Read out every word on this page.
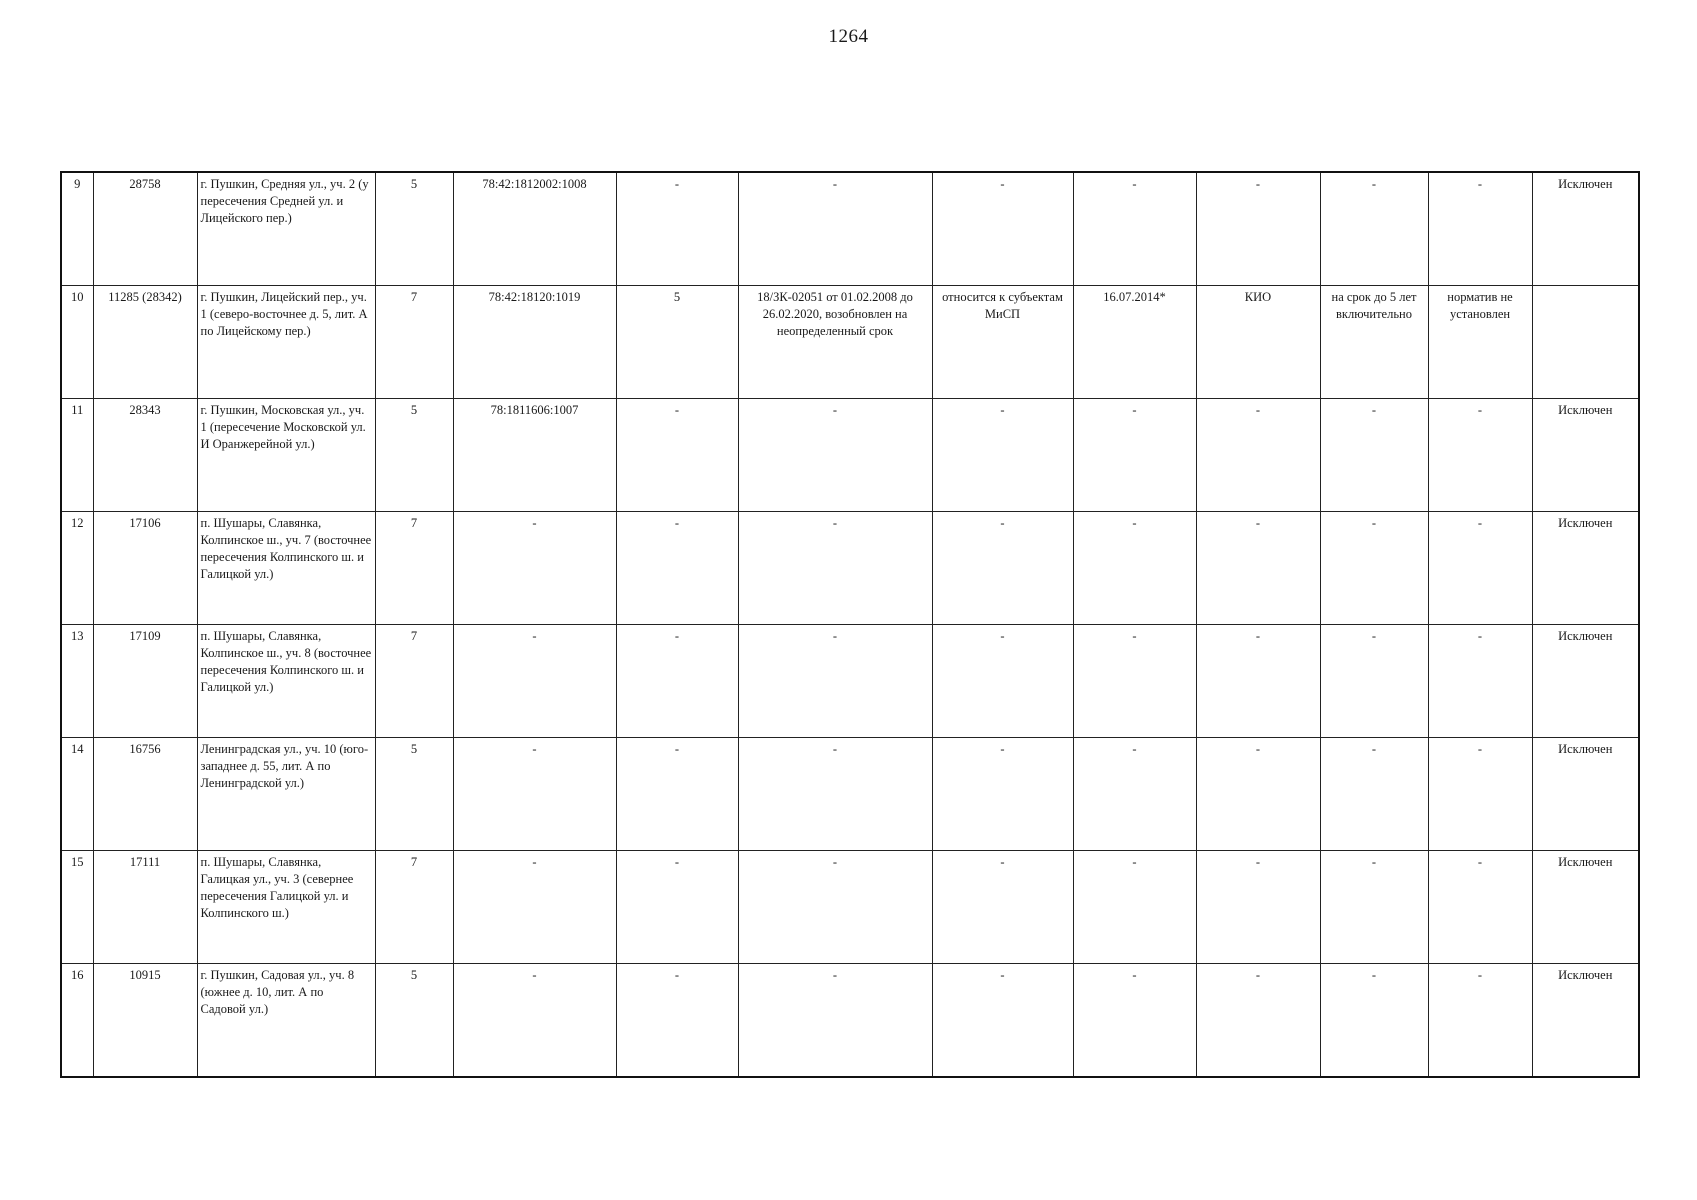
1264
9	28758	г. Пушкин, Средняя ул., уч. 2 (у пересечения Средней ул. и Лицейского пер.)	5	78:42:1812002:1008	-	-	-	-	-	-	-	Исключен
10	11285 (28342)	г. Пушкин, Лицейский пер., уч. 1 (северо-восточнее д. 5, лит. А по Лицейскому пер.)	7	78:42:18120:1019	5	18/ЗК-02051 от 01.02.2008 до 26.02.2020, возобновлен на неопределенный срок	относится к субъектам МиСП	16.07.2014*	КИО	на срок до 5 лет включительно	норматив не установлен	
11	28343	г. Пушкин, Московская ул., уч. 1 (пересечение Московской ул. И Оранжерейной ул.)	5	78:1811606:1007	-	-	-	-	-	-	-	Исключен
12	17106	п. Шушары, Славянка, Колпинское ш., уч. 7 (восточнее пересечения Колпинского ш. и Галицкой ул.)	7	-	-	-	-	-	-	-	-	Исключен
13	17109	п. Шушары, Славянка, Колпинское ш., уч. 8 (восточнее пересечения Колпинского ш. и Галицкой ул.)	7	-	-	-	-	-	-	-	-	Исключен
14	16756	Ленинградская ул., уч. 10 (юго-западнее д. 55, лит. А по Ленинградской ул.)	5	-	-	-	-	-	-	-	-	Исключен
15	17111	п. Шушары, Славянка, Галицкая ул., уч. 3 (севернее пересечения Галицкой ул. и Колпинского ш.)	7	-	-	-	-	-	-	-	-	Исключен
16	10915	г. Пушкин, Садовая ул., уч. 8 (южнее д. 10, лит. А по Садовой ул.)	5	-	-	-	-	-	-	-	-	Исключен
